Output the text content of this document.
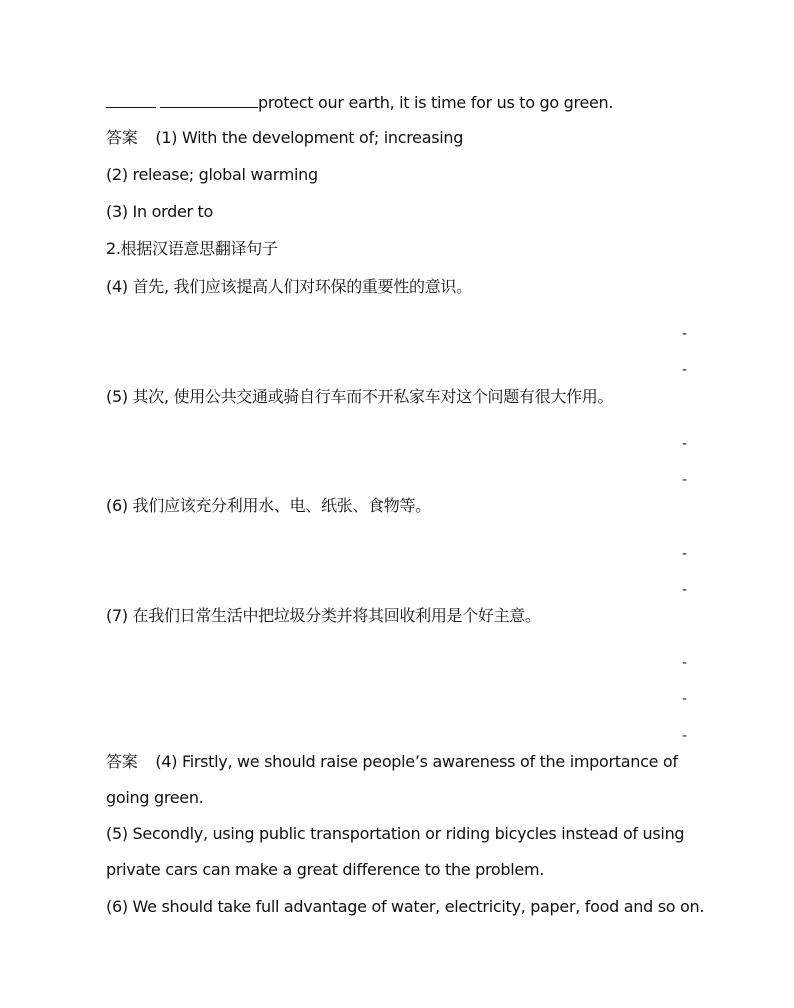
protect our earth, it is time for us to go green.

答案 (1) With the development of; increasing

(2) release; global warming

(3) In order to

2.根据汉语意思翻译句子

(4) 首先, 我们应该提高人们对环保的重要性的意识。

-
-

(5) 其次, 使用公共交通或骑自行车而不开私家车对这个问题有很大作用。

-
-

(6) 我们应该充分利用水、电、纸张、食物等。

-
-

(7) 在我们日常生活中把垃圾分类并将其回收利用是个好主意。

-
-
-

答案 (4) Firstly, we should raise people’s awareness of the importance of

going green.

(5) Secondly, using public transportation or riding bicycles instead of using

private cars can make a great difference to the problem.

(6) We should take full advantage of water, electricity, paper, food and so on.
